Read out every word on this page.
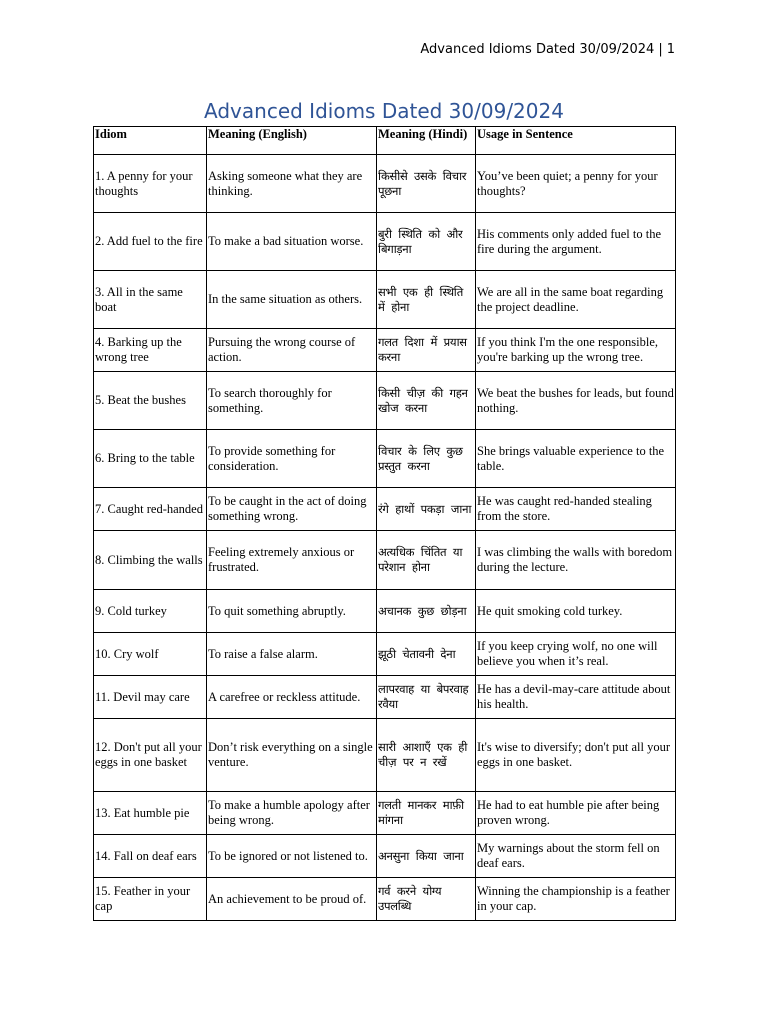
Advanced Idioms Dated 30/09/2024 | 1
Advanced Idioms Dated 30/09/2024
Idiom	Meaning (English)	Meaning (Hindi)	Usage in Sentence
1. A penny for your thoughts	Asking someone what they are thinking.	किसीसे उसके विचार पूछना	You’ve been quiet; a penny for your thoughts?
2. Add fuel to the fire	To make a bad situation worse.	बुरी स्थिति को और बिगाड़ना	His comments only added fuel to the fire during the argument.
3. All in the same boat	In the same situation as others.	सभी एक ही स्थिति में होना	We are all in the same boat regarding the project deadline.
4. Barking up the wrong tree	Pursuing the wrong course of action.	गलत दिशा में प्रयास करना	If you think I'm the one responsible, you're barking up the wrong tree.
5. Beat the bushes	To search thoroughly for something.	किसी चीज़ की गहन खोज करना	We beat the bushes for leads, but found nothing.
6. Bring to the table	To provide something for consideration.	विचार के लिए कुछ प्रस्तुत करना	She brings valuable experience to the table.
7. Caught red-handed	To be caught in the act of doing something wrong.	रंगे हाथों पकड़ा जाना	He was caught red-handed stealing from the store.
8. Climbing the walls	Feeling extremely anxious or frustrated.	अत्यधिक चिंतित या परेशान होना	I was climbing the walls with boredom during the lecture.
9. Cold turkey	To quit something abruptly.	अचानक कुछ छोड़ना	He quit smoking cold turkey.
10. Cry wolf	To raise a false alarm.	झूठी चेतावनी देना	If you keep crying wolf, no one will believe you when it’s real.
11. Devil may care	A carefree or reckless attitude.	लापरवाह या बेपरवाह रवैया	He has a devil-may-care attitude about his health.
12. Don't put all your eggs in one basket	Don’t risk everything on a single venture.	सारी आशाएँ एक ही चीज़ पर न रखें	It's wise to diversify; don't put all your eggs in one basket.
13. Eat humble pie	To make a humble apology after being wrong.	गलती मानकर माफ़ी मांगना	He had to eat humble pie after being proven wrong.
14. Fall on deaf ears	To be ignored or not listened to.	अनसुना किया जाना	My warnings about the storm fell on deaf ears.
15. Feather in your cap	An achievement to be proud of.	गर्व करने योग्य उपलब्धि	Winning the championship is a feather in your cap.
